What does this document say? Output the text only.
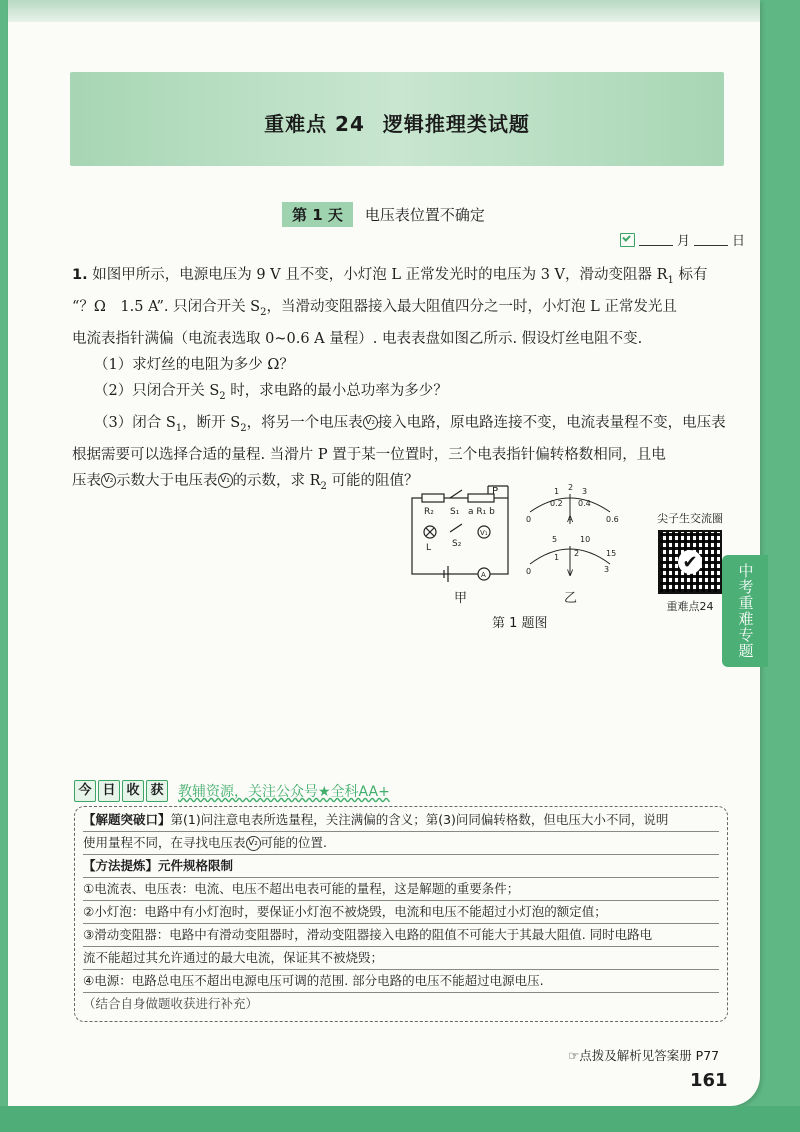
重难点 24 逻辑推理类试题
第 1 天	电压表位置不确定
月	日

1. 如图甲所示，电源电压为 9 V 且不变，小灯泡 L 正常发光时的电压为 3 V，滑动变阻器 $R_1$ 标有

“？Ω　1.5 A”. 只闭合开关 $S_2$，当滑动变阻器接入最大阻值四分之一时，小灯泡 L 正常发光且

电流表指针满偏（电流表选取 0~0.6 A 量程）. 电表表盘如图乙所示. 假设灯丝电阻不变.

（1）求灯丝的电阻为多少 Ω？

（2）只闭合开关 $S_2$ 时，求电路的最小总功率为多少？

（3）闭合 $S_1$，断开 $S_2$，将另一个电压表 V₂ 接入电路，原电路连接不变，电流表量程不变，电压表

根据需要可以选择合适的量程. 当滑片 P 置于某一位置时，三个电表指针偏转格数相同，且电

压表 V₂ 示数大于电压表 V₁ 的示数，求 $R_2$ 可能的阻值？

P
R₂ S₁ a R₁ b
L S₂
V₁
A
0
0.2 0.4
0.6
1 2 3
A
0
5	10
15
1 2
3
V
甲	乙
第 1 题图
尖子生交流圈
✔
重难点24
今 日 收 获	教辅资源，关注公众号★全科AA+
【解题突破口】第(1)问注意电表所选量程，关注满偏的含义；第(3)问同偏转格数，但电压大小不同，说明
使用量程不同，在寻找电压表 V₂ 可能的位置.
【方法提炼】元件规格限制
①电流表、电压表：电流、电压不超出电表可能的量程，这是解题的重要条件；
②小灯泡：电路中有小灯泡时，要保证小灯泡不被烧毁，电流和电压不能超过小灯泡的额定值；
③滑动变阻器：电路中有滑动变阻器时，滑动变阻器接入电路的阻值不可能大于其最大阻值. 同时电路电
流不能超过其允许通过的最大电流，保证其不被烧毁；
④电源：电路总电压不超出电源电压可调的范围. 部分电路的电压不能超过电源电压.
（结合自身做题收获进行补充）
☞点拨及解析见答案册 P77
161
中考重难专题
